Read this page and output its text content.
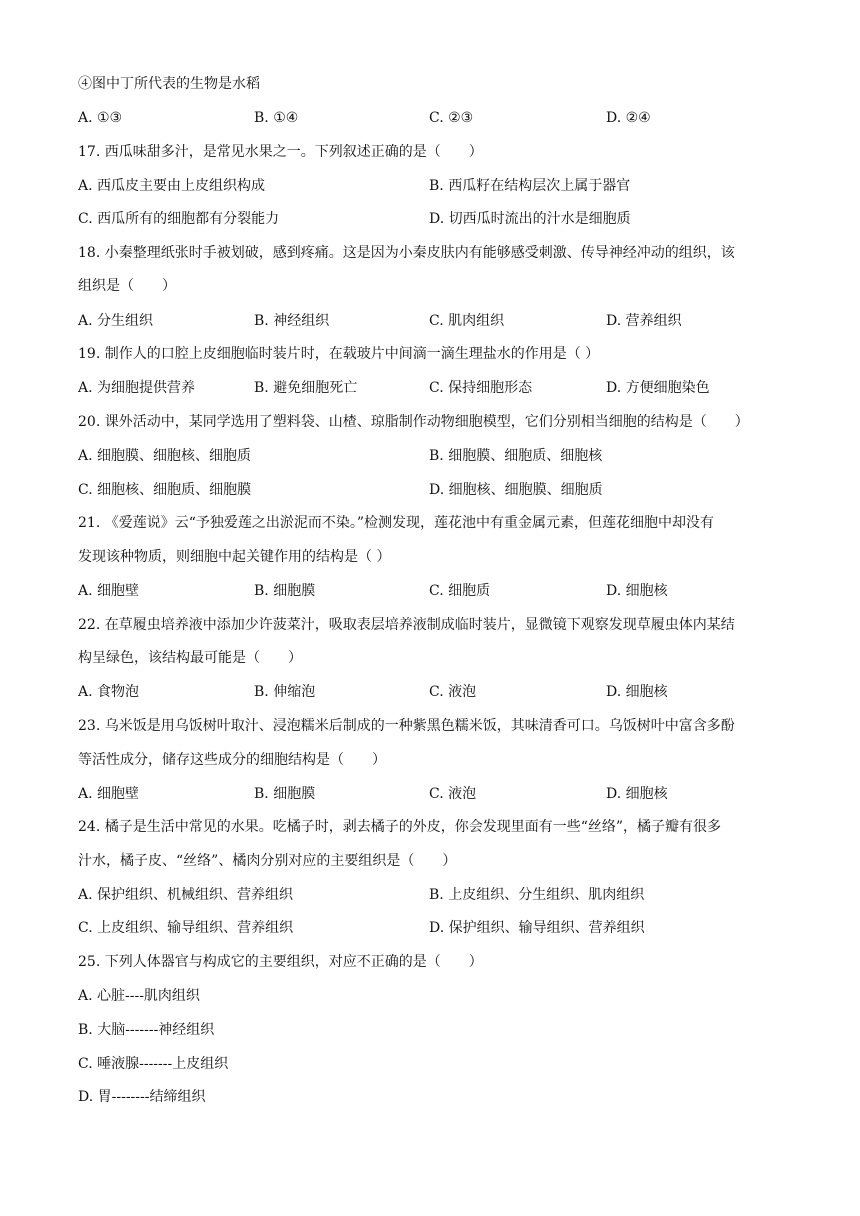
④图中丁所代表的生物是水稻
A. ①③	B. ①④	C. ②③	D. ②④
17. 西瓜味甜多汁，是常见水果之一。下列叙述正确的是（　　）
A. 西瓜皮主要由上皮组织构成	B. 西瓜籽在结构层次上属于器官
C. 西瓜所有的细胞都有分裂能力	D. 切西瓜时流出的汁水是细胞质
18. 小秦整理纸张时手被划破，感到疼痛。这是因为小秦皮肤内有能够感受刺激、传导神经冲动的组织，该
组织是（　　）
A. 分生组织	B. 神经组织	C. 肌肉组织	D. 营养组织
19. 制作人的口腔上皮细胞临时装片时，在载玻片中间滴一滴生理盐水的作用是（ ）
A. 为细胞提供营养	B. 避免细胞死亡	C. 保持细胞形态	D. 方便细胞染色
20. 课外活动中，某同学选用了塑料袋、山楂、琼脂制作动物细胞模型，它们分别相当细胞的结构是（　　）
A. 细胞膜、细胞核、细胞质	B. 细胞膜、细胞质、细胞核
C. 细胞核、细胞质、细胞膜	D. 细胞核、细胞膜、细胞质
21. 《爱莲说》云“予独爱莲之出淤泥而不染。”检测发现，莲花池中有重金属元素，但莲花细胞中却没有
发现该种物质，则细胞中起关键作用的结构是（ ）
A. 细胞壁	B. 细胞膜	C. 细胞质	D. 细胞核
22. 在草履虫培养液中添加少许菠菜汁，吸取表层培养液制成临时装片，显微镜下观察发现草履虫体内某结
构呈绿色，该结构最可能是（　　）
A. 食物泡	B. 伸缩泡	C. 液泡	D. 细胞核
23. 乌米饭是用乌饭树叶取汁、浸泡糯米后制成的一种紫黑色糯米饭，其味清香可口。乌饭树叶中富含多酚
等活性成分，储存这些成分的细胞结构是（　　）
A. 细胞壁	B. 细胞膜	C. 液泡	D. 细胞核
24. 橘子是生活中常见的水果。吃橘子时，剥去橘子的外皮，你会发现里面有一些“丝络”，橘子瓣有很多
汁水，橘子皮、“丝络”、橘肉分别对应的主要组织是（　　）
A. 保护组织、机械组织、营养组织	B. 上皮组织、分生组织、肌肉组织
C. 上皮组织、输导组织、营养组织	D. 保护组织、输导组织、营养组织
25. 下列人体器官与构成它的主要组织，对应不正确的是（　　）
A. 心脏----肌肉组织
B. 大脑-------神经组织
C. 唾液腺-------上皮组织
D. 胃--------结缔组织
